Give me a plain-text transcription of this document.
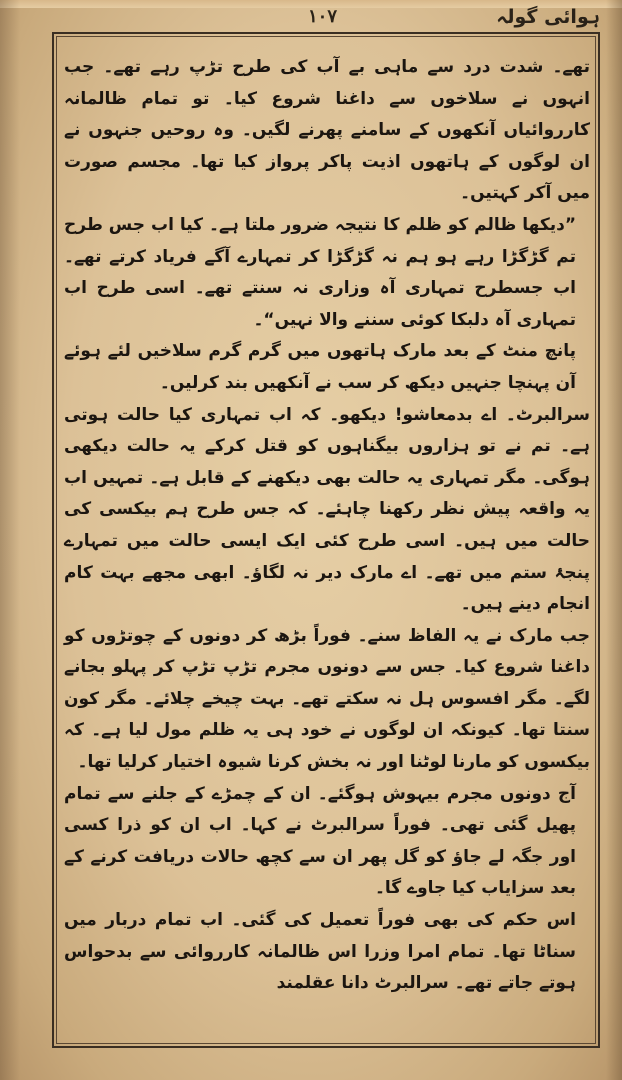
ہوائی گولہ
۱۰۷

تھے۔ شدت درد سے ماہی بے آب کی طرح تڑپ رہے تھے۔ جب انہوں نے سلاخوں سے داغنا شروع کیا۔ تو تمام ظالمانہ کارروائیاں آنکھوں کے سامنے پھرنے لگیں۔ وہ روحیں جنہوں نے ان لوگوں کے ہاتھوں اذیت پاکر پرواز کیا تھا۔ مجسم صورت میں آکر کہتیں۔

”دیکھا ظالم کو ظلم کا نتیجہ ضرور ملتا ہے۔ کیا اب جس طرح تم گڑگڑا رہے ہو ہم نہ گڑگڑا کر تمہارے آگے فریاد کرتے تھے۔ اب جسطرح تمہاری آہ وزاری نہ سنتے تھے۔ اسی طرح اب تمہاری آہ دلبکا کوئی سننے والا نہیں“۔

پانچ منٹ کے بعد مارک ہاتھوں میں گرم گرم سلاخیں لئے ہوئے آن پہنچا جنہیں دیکھ کر سب نے آنکھیں بند کرلیں۔

سرالبرٹ۔ اے بدمعاشو! دیکھو۔ کہ اب تمہاری کیا حالت ہوتی ہے۔ تم نے تو ہزاروں بیگناہوں کو قتل کرکے یہ حالت دیکھی ہوگی۔ مگر تمہاری یہ حالت بھی دیکھنے کے قابل ہے۔ تمہیں اب یہ واقعہ پیش نظر رکھنا چاہئے۔ کہ جس طرح ہم بیکسی کی حالت میں ہیں۔ اسی طرح کئی ایک ایسی حالت میں تمہارے پنجۂ ستم میں تھے۔ اے مارک دیر نہ لگاؤ۔ ابھی مجھے بہت کام انجام دینے ہیں۔

جب مارک نے یہ الفاظ سنے۔ فوراً بڑھ کر دونوں کے چوتڑوں کو داغنا شروع کیا۔ جس سے دونوں مجرم تڑپ تڑپ کر پہلو بجانے لگے۔ مگر افسوس ہل نہ سکتے تھے۔ بہت چیخے چلائے۔ مگر کون سنتا تھا۔ کیونکہ ان لوگوں نے خود ہی یہ ظلم مول لیا ہے۔ کہ بیکسوں کو مارنا لوٹنا اور نہ بخش کرنا شیوہ اختیار کرلیا تھا۔

آج دونوں مجرم بیہوش ہوگئے۔ ان کے چمڑے کے جلنے سے تمام پھیل گئی تھی۔ فوراً سرالبرٹ نے کہا۔ اب ان کو ذرا کسی اور جگہ لے جاؤ کو گل پھر ان سے کچھ حالات دریافت کرنے کے بعد سزایاب کیا جاوے گا۔

اس حکم کی بھی فوراً تعمیل کی گئی۔ اب تمام دربار میں سناٹا تھا۔ تمام امرا وزرا اس ظالمانہ کارروائی سے بدحواس ہوتے جاتے تھے۔ سرالبرٹ دانا عقلمند
